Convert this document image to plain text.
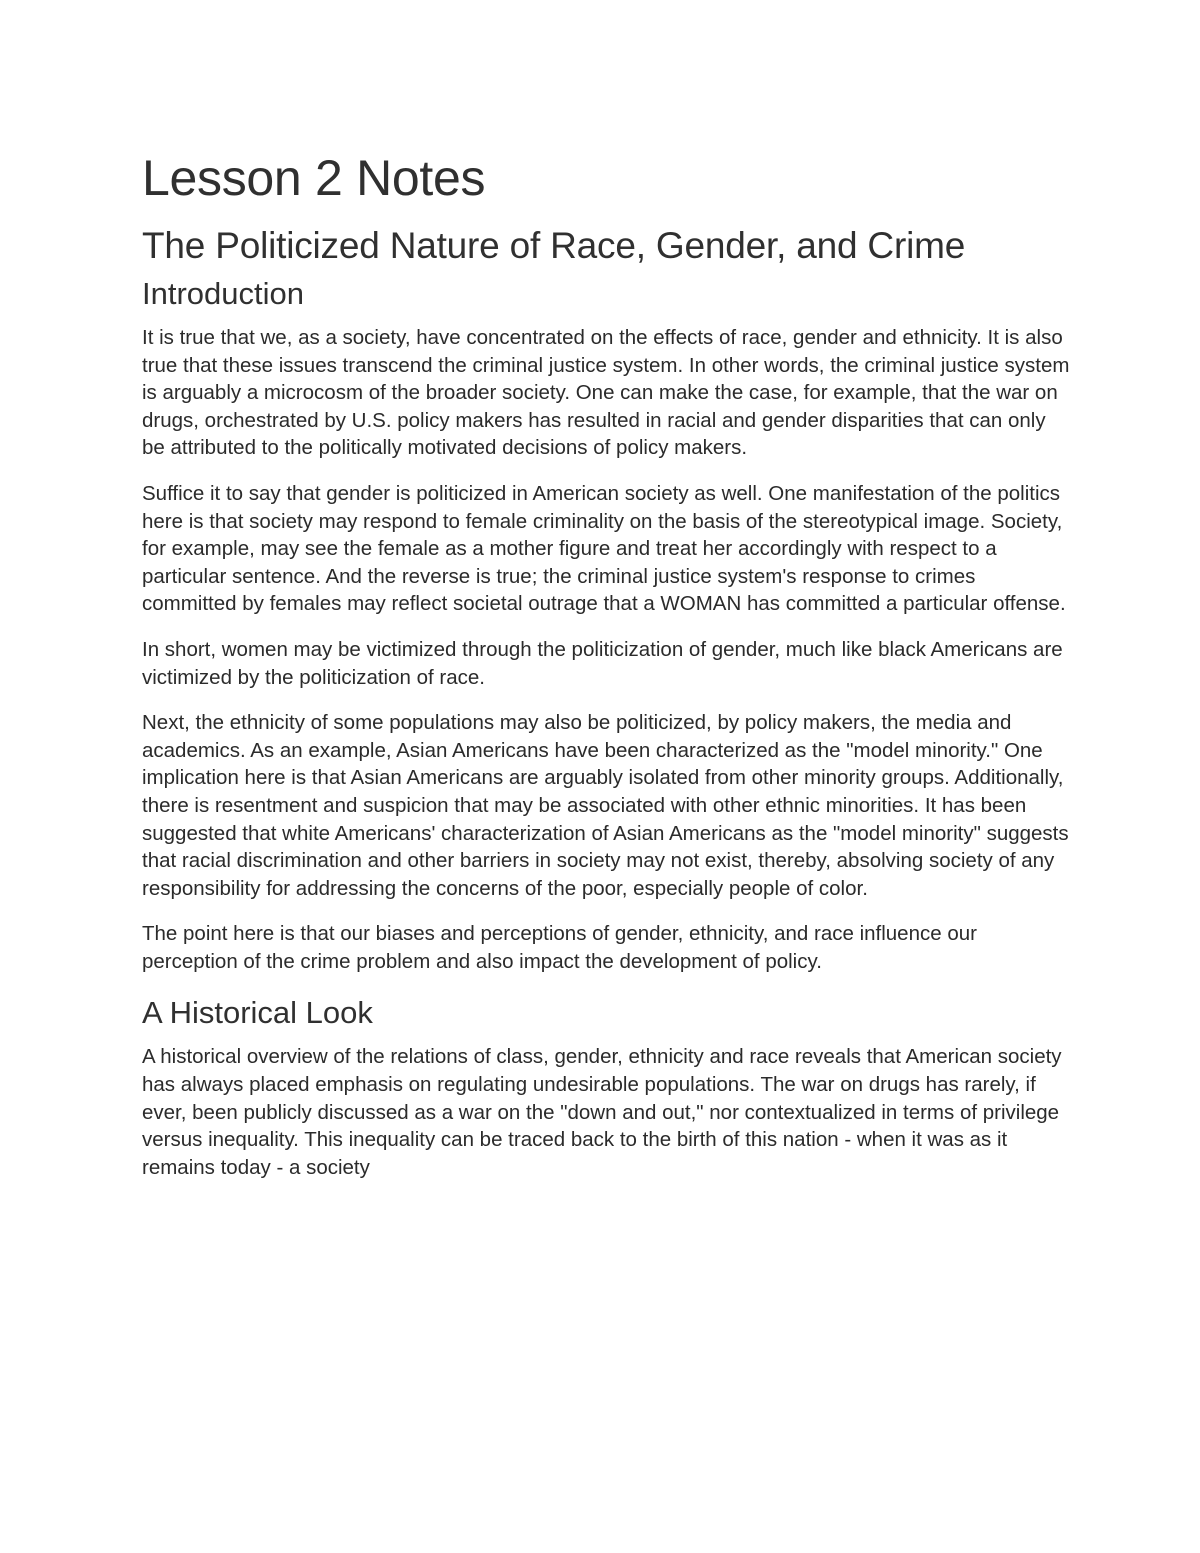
Lesson 2 Notes
The Politicized Nature of Race, Gender, and Crime
Introduction

It is true that we, as a society, have concentrated on the effects of race, gender and ethnicity. It is also true that these issues transcend the criminal justice system. In other words, the criminal justice system is arguably a microcosm of the broader society. One can make the case, for example, that the war on drugs, orchestrated by U.S. policy makers has resulted in racial and gender disparities that can only be attributed to the politically motivated decisions of policy makers.

Suffice it to say that gender is politicized in American society as well. One manifestation of the politics here is that society may respond to female criminality on the basis of the stereotypical image. Society, for example, may see the female as a mother figure and treat her accordingly with respect to a particular sentence. And the reverse is true; the criminal justice system's response to crimes committed by females may reflect societal outrage that a WOMAN has committed a particular offense.

In short, women may be victimized through the politicization of gender, much like black Americans are victimized by the politicization of race.

Next, the ethnicity of some populations may also be politicized, by policy makers, the media and academics. As an example, Asian Americans have been characterized as the "model minority." One implication here is that Asian Americans are arguably isolated from other minority groups. Additionally, there is resentment and suspicion that may be associated with other ethnic minorities. It has been suggested that white Americans' characterization of Asian Americans as the "model minority" suggests that racial discrimination and other barriers in society may not exist, thereby, absolving society of any responsibility for addressing the concerns of the poor, especially people of color.

The point here is that our biases and perceptions of gender, ethnicity, and race influence our perception of the crime problem and also impact the development of policy.

A Historical Look

A historical overview of the relations of class, gender, ethnicity and race reveals that American society has always placed emphasis on regulating undesirable populations. The war on drugs has rarely, if ever, been publicly discussed as a war on the "down and out," nor contextualized in terms of privilege versus inequality. This inequality can be traced back to the birth of this nation - when it was as it remains today - a society
